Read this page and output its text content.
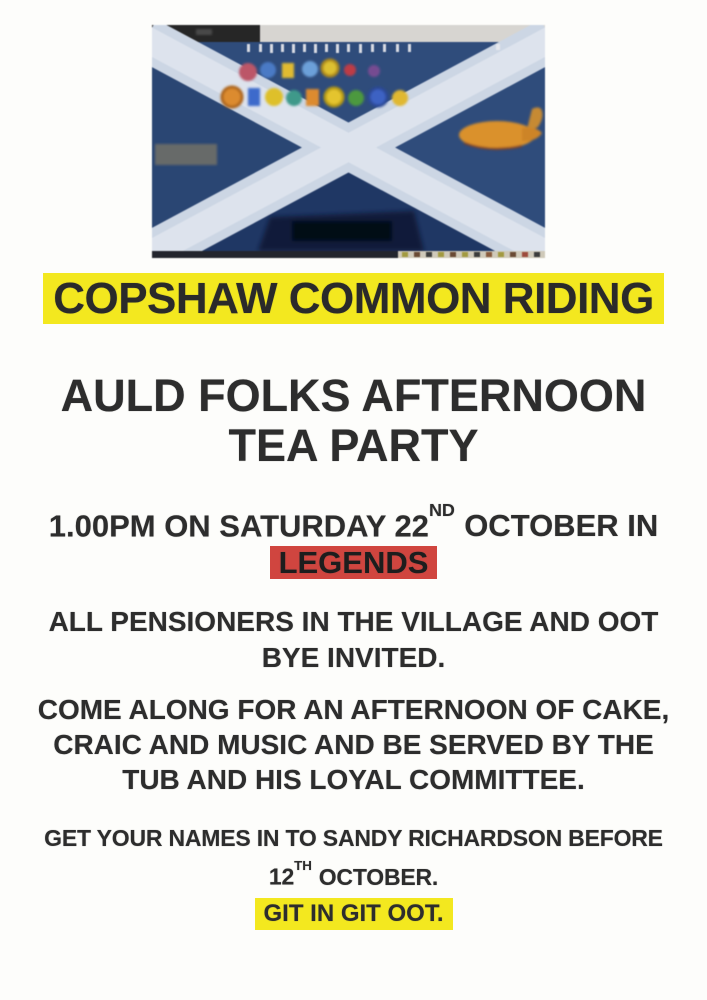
COPSHAW COMMON RIDING
AULD FOLKS AFTERNOON
TEA PARTY
1.00PM ON SATURDAY 22ND OCTOBER IN
LEGENDS
ALL PENSIONERS IN THE VILLAGE AND OOT
BYE INVITED.
COME ALONG FOR AN AFTERNOON OF CAKE,
CRAIC AND MUSIC AND BE SERVED BY THE
TUB AND HIS LOYAL COMMITTEE.
GET YOUR NAMES IN TO SANDY RICHARDSON BEFORE
12TH OCTOBER.
GIT IN GIT OOT.
